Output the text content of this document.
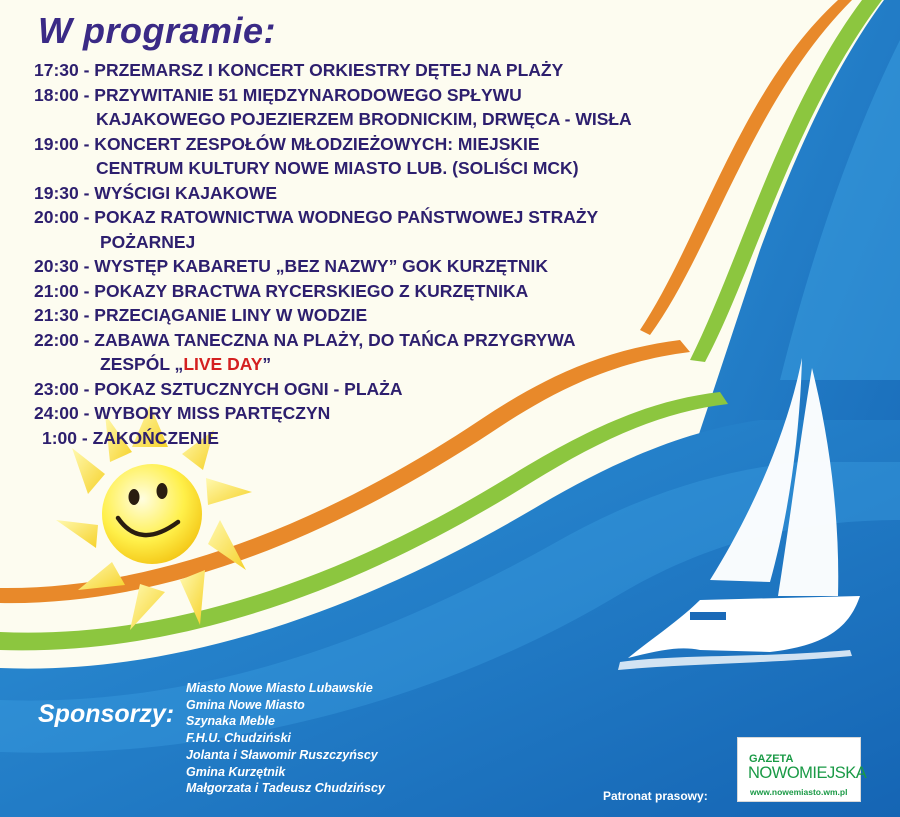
W programie:
17:30 - PRZEMARSZ I KONCERT ORKIESTRY DĘTEJ NA PLAŻY
18:00 - PRZYWITANIE 51 MIĘDZYNARODOWEGO SPŁYWU
KAJAKOWEGO POJEZIERZEM BRODNICKIM, DRWĘCA - WISŁA
19:00 - KONCERT ZESPOŁÓW MŁODZIEŻOWYCH: MIEJSKIE
CENTRUM KULTURY NOWE MIASTO LUB. (SOLIŚCI MCK)
19:30 - WYŚCIGI KAJAKOWE
20:00 - POKAZ RATOWNICTWA WODNEGO PAŃSTWOWEJ STRAŻY
POŻARNEJ
20:30 - WYSTĘP KABARETU „BEZ NAZWY” GOK KURZĘTNIK
21:00 - POKAZY BRACTWA RYCERSKIEGO Z KURZĘTNIKA
21:30 - PRZECIĄGANIE LINY W WODZIE
22:00 - ZABAWA TANECZNA NA PLAŻY, DO TAŃCA PRZYGRYWA
ZESPÓL „LIVE DAY”
23:00 - POKAZ SZTUCZNYCH OGNI - PLAŻA
24:00 - WYBORY MISS PARTĘCZYN
1:00 - ZAKOŃCZENIE
Sponsorzy:
Miasto Nowe Miasto Lubawskie
Gmina Nowe Miasto
Szynaka Meble
F.H.U. Chudziński
Jolanta i Sławomir Ruszczyńscy
Gmina Kurzętnik
Małgorzata i Tadeusz Chudzińscy
Patronat prasowy:
GAZETA
NOWOMIEJSKA
www.nowemiasto.wm.pl
